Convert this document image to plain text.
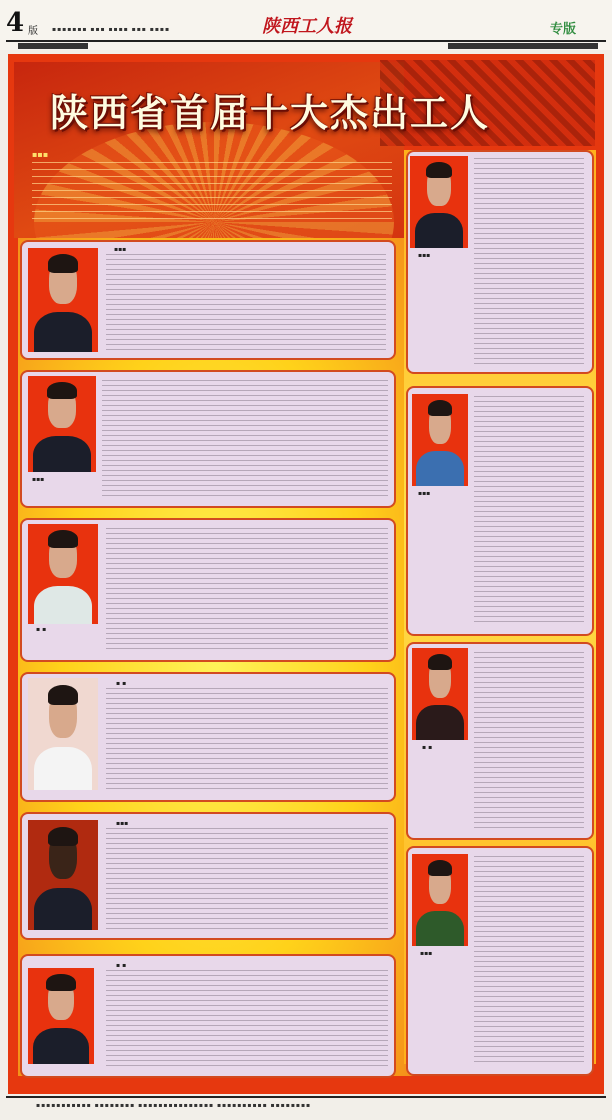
4 版 ▪▪▪▪▪▪▪ ▪▪▪ ▪▪▪▪ ▪▪▪ ▪▪▪▪	陕西工人报	专版
陕西省首届十大杰出工人
▪▪▪
▪▪▪
▪▪▪
▪ ▪
▪ ▪
▪▪▪
▪ ▪
▪▪▪
▪▪▪
▪ ▪
▪▪▪
▪▪▪▪▪▪▪▪▪▪▪ ▪▪▪▪▪▪▪▪ ▪▪▪▪▪▪▪▪▪▪▪▪▪▪▪ ▪▪▪▪▪▪▪▪▪▪ ▪▪▪▪▪▪▪▪
